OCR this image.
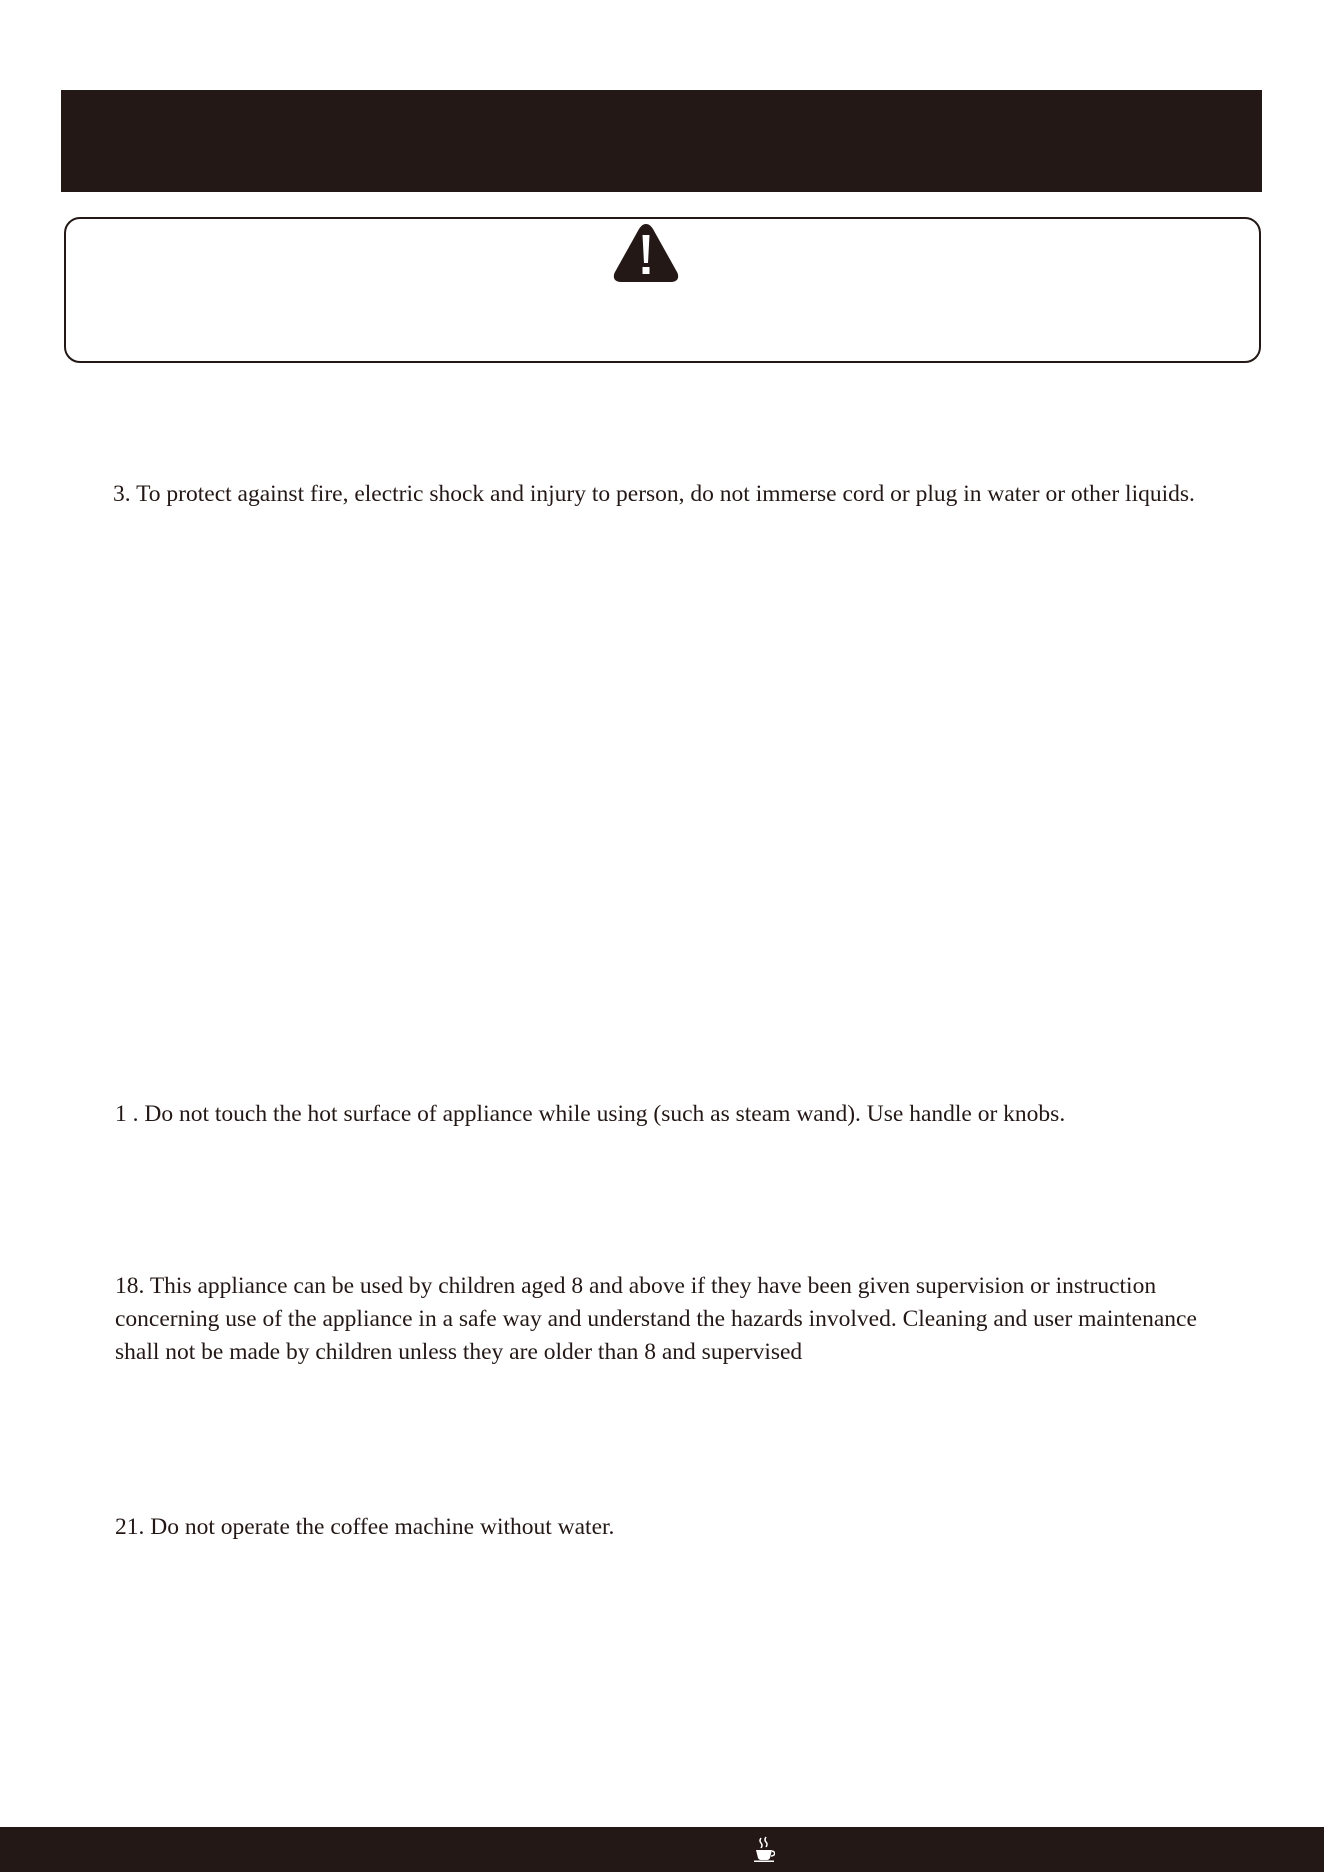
3. To protect against fire, electric shock and injury to person, do not immerse cord or plug in water or other liquids.

1 . Do not touch the hot surface of appliance while using (such as steam wand). Use handle or knobs.

18. This appliance can be used by children aged 8 and above if they have been given supervision or instruction concerning use of the appliance in a safe way and understand the hazards involved. Cleaning and user maintenance shall not be made by children unless they are older than 8 and supervised

21. Do not operate the coffee machine without water.
